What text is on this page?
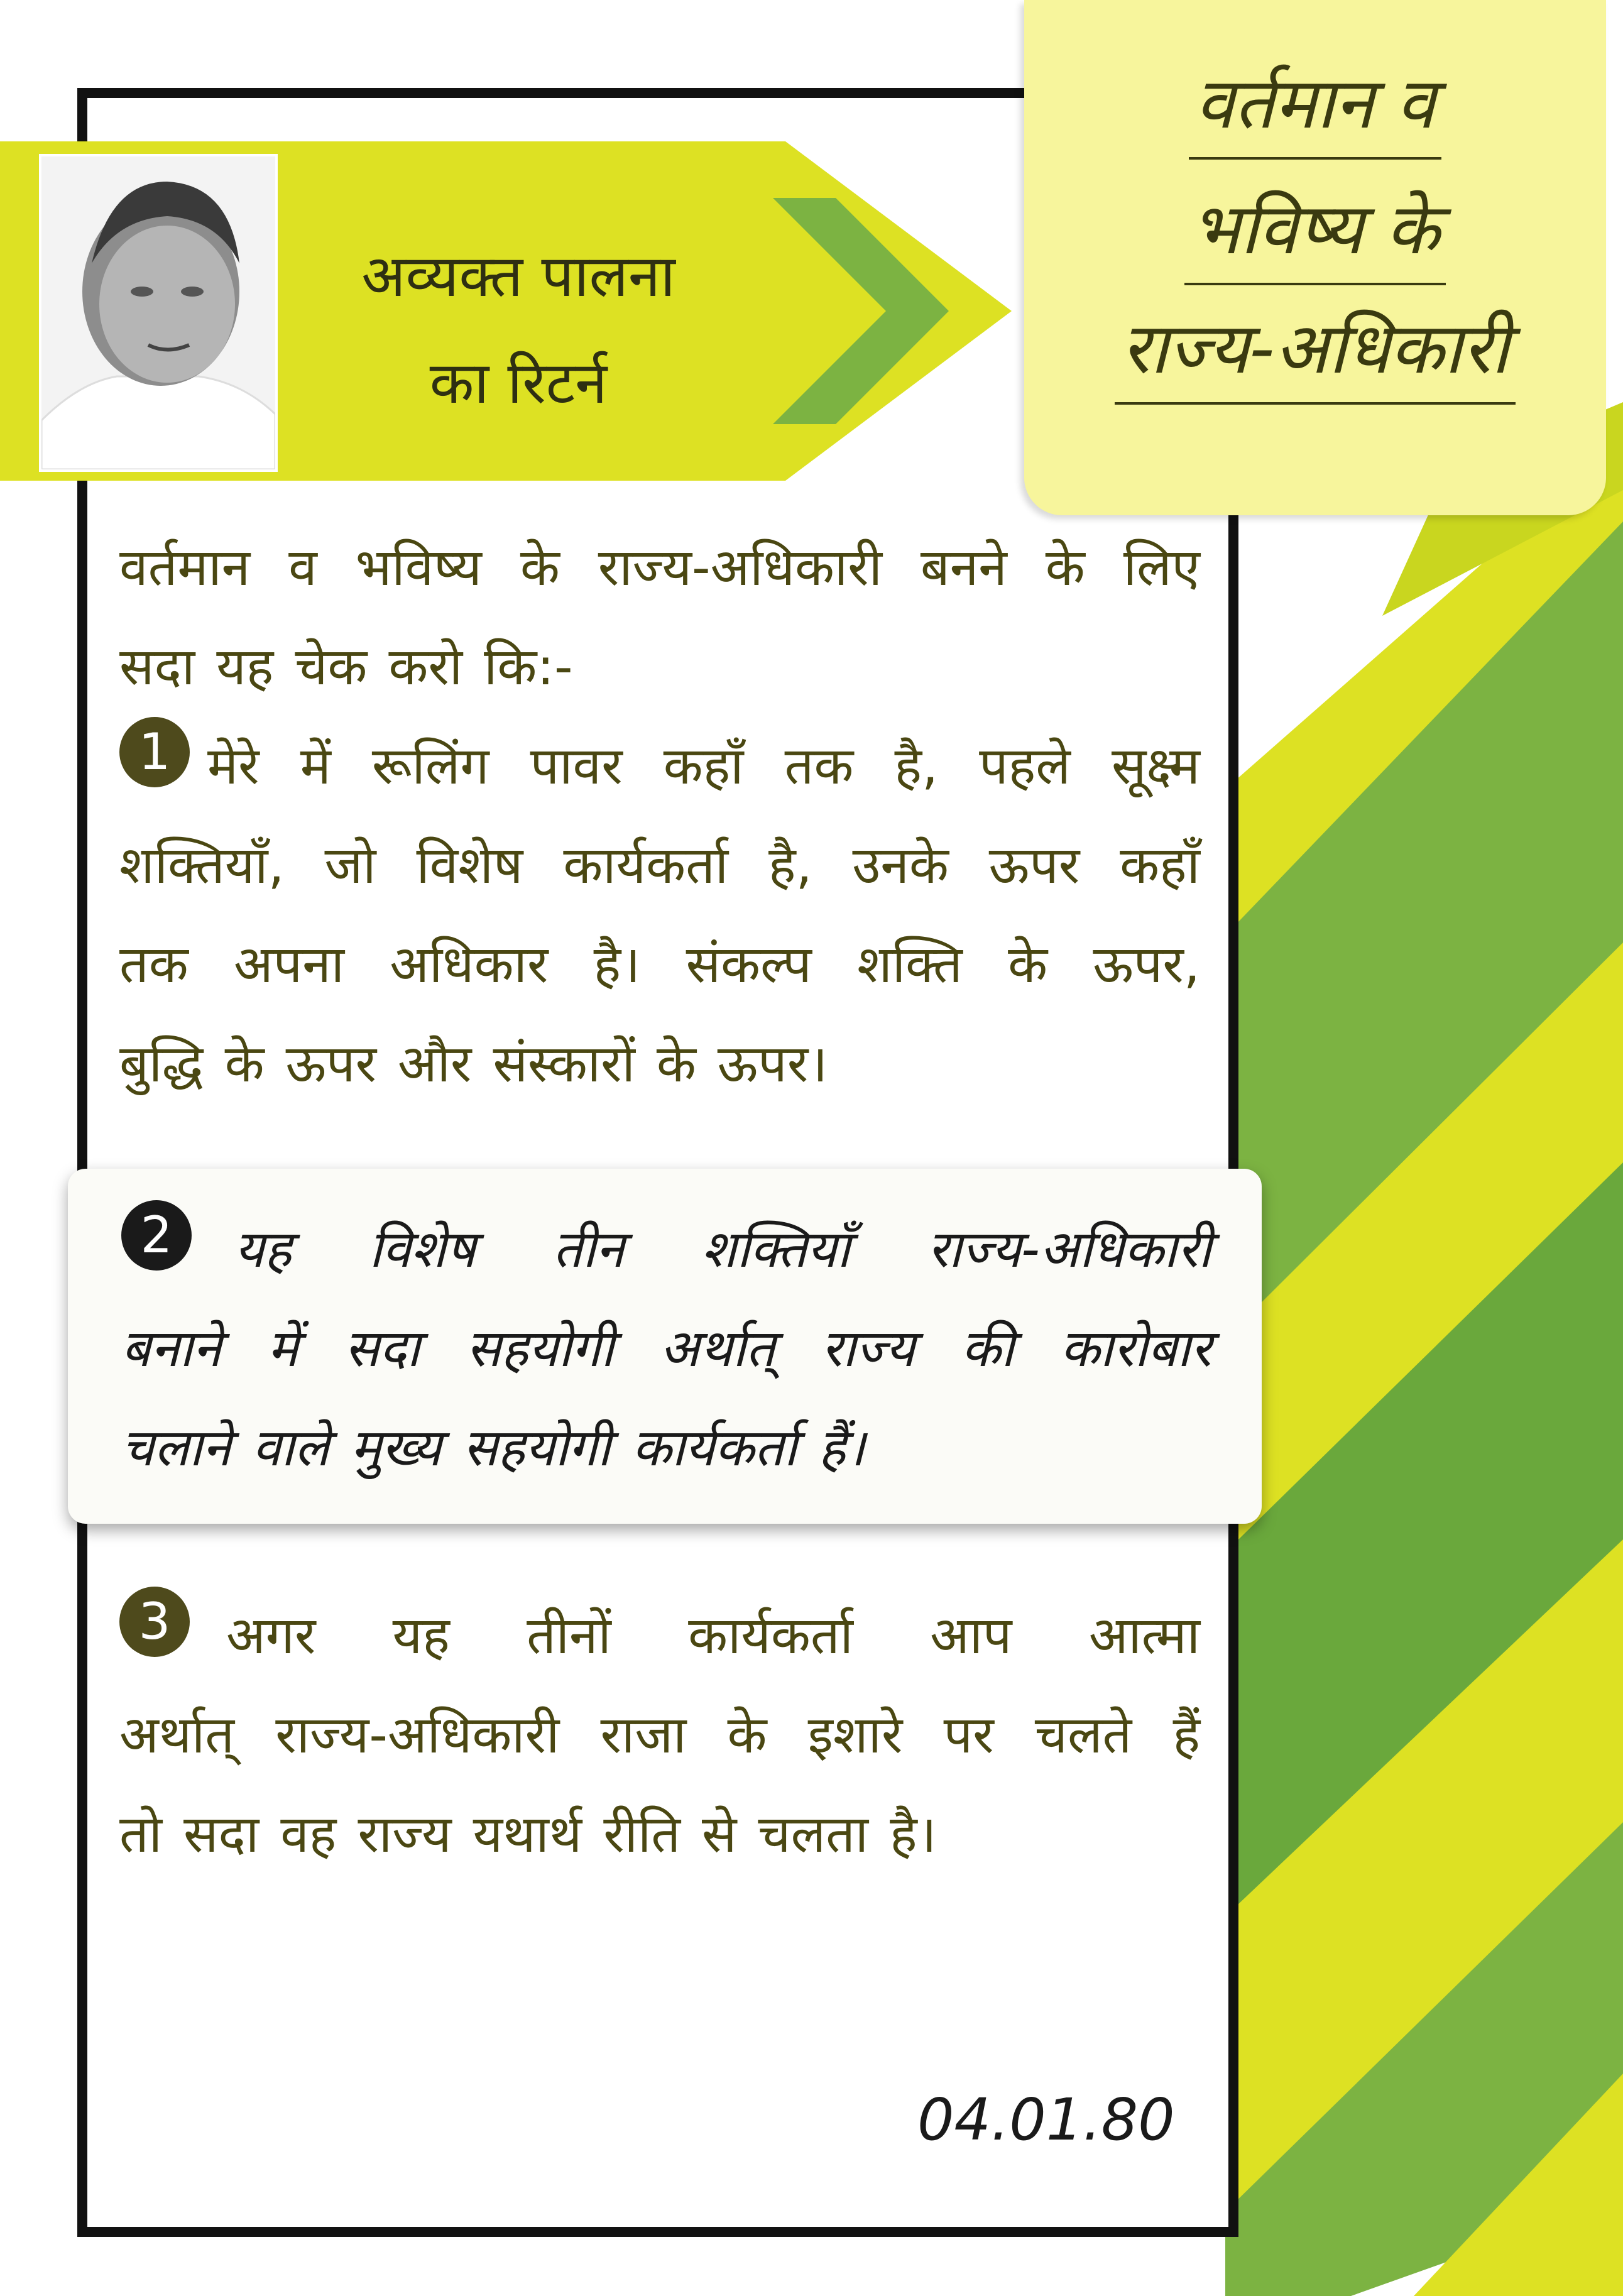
अव्यक्त पालना
का रिटर्न
वर्तमान व
भविष्य के
राज्य-अधिकारी
वर्तमान व भविष्य के राज्य-अधिकारी बनने के लिए
सदा यह चेक करो कि:-
1 मेरे में रूलिंग पावर कहाँ तक है, पहले सूक्ष्म
शक्तियाँ, जो विशेष कार्यकर्ता है, उनके ऊपर कहाँ
तक अपना अधिकार है। संकल्प शक्ति के ऊपर,
बुद्धि के ऊपर और संस्कारों के ऊपर।
2	यह विशेष तीन शक्तियाँ राज्य-अधिकारी
बनाने में सदा सहयोगी अर्थात् राज्य की कारोबार
चलाने वाले मुख्य सहयोगी कार्यकर्ता हैं।
3	अगर यह तीनों कार्यकर्ता आप आत्मा
अर्थात् राज्य-अधिकारी राजा के इशारे पर चलते हैं
तो सदा वह राज्य यथार्थ रीति से चलता है।
04.01.80
